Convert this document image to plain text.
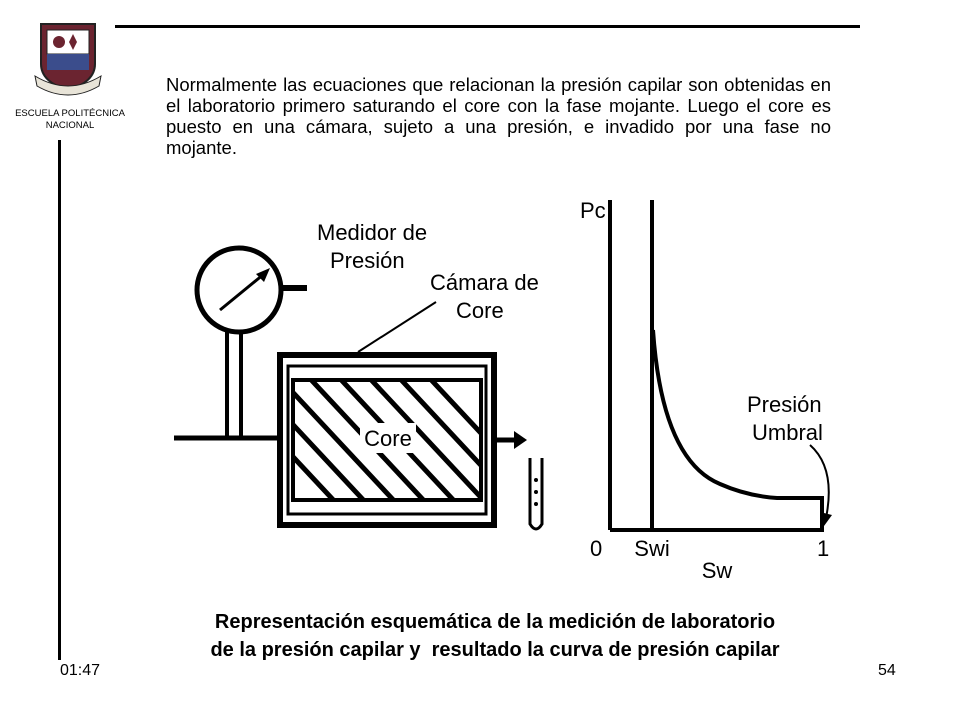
ESCUELA POLITÉCNICA
NACIONAL
Normalmente las ecuaciones que relacionan la presión capilar son obtenidas en el laboratorio primero saturando el core con la fase mojante. Luego el core es puesto en una cámara, sujeto a una presión, e invadido por una fase no mojante.
Core
Medidor de
Presión
Cámara de
Core
Pc
0 Swi	1
Sw
Presión
Umbral
Representación esquemática de la medición de laboratorio
de la presión capilar y  resultado la curva de presión capilar
01:47	54
